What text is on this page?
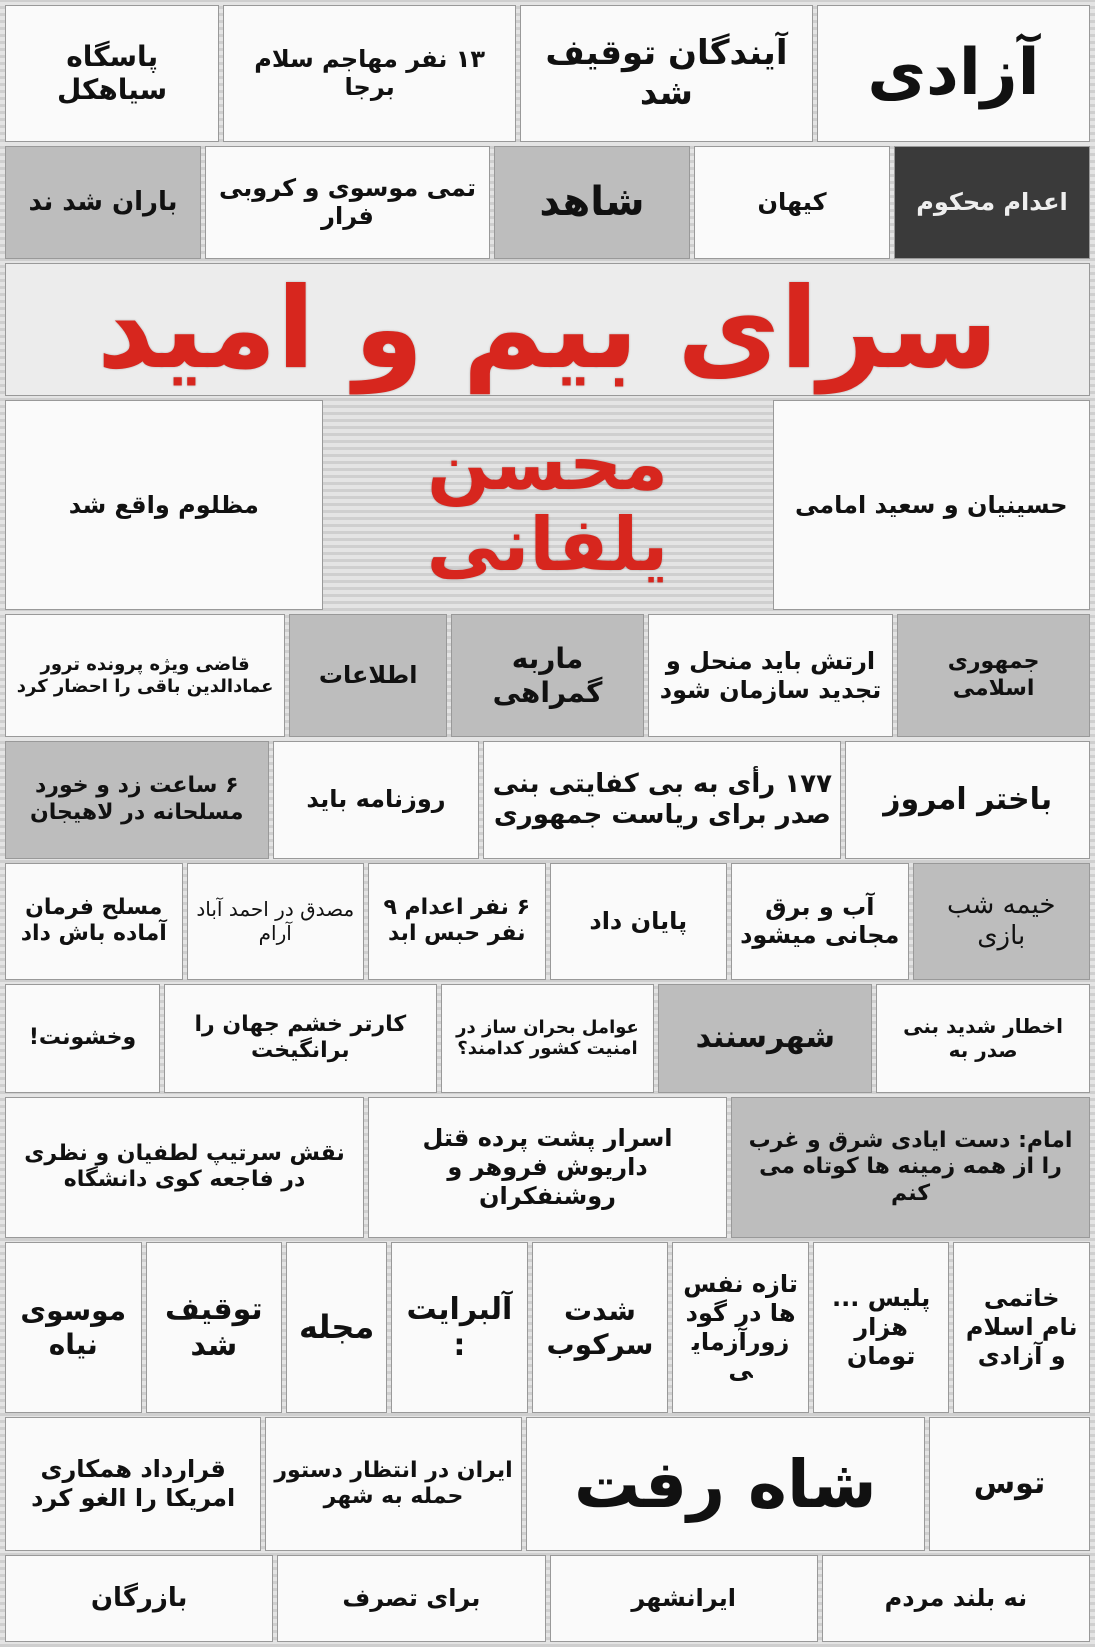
آزادی
آیندگان توقیف شد
۱۳ نفر مهاجم سلام برجا
پاسگاه سیاهکل
اعدام محکوم
کیهان
شاهد
تمی موسوی و کروبی فرار
باران شد ند
سرای بیم و امید
حسینیان و سعید امامی
محسن یلفانی
مظلوم واقع شد
جمهوری اسلامی
ارتش باید منحل و تجدید سازمان شود
ماربه گمراهی
اطلاعات
قاضی ویژه پرونده ترور عمادالدین باقی را احضار کرد
باختر امروز
۱۷۷ رأی به بی کفایتی بنی صدر برای ریاست جمهوری
روزنامه باید
۶ ساعت زد و خورد مسلحانه در لاهیجان
خیمه شب بازی
آب و برق مجانی میشود
پایان داد
۶ نفر اعدام ۹ نفر حبس ابد
مصدق در احمد آباد آرام
مسلح فرمان آماده باش داد
اخطار شدید بنی صدر به
شهرسنند
عوامل بحران ساز در امنیت کشور کدامند؟
کارتر خشم جهان را برانگیخت
وخشونت!
امام: دست ایادی شرق و غرب را از همه زمینه ها کوتاه می کنم
اسرار پشت پرده قتل داریوش فروهر و روشنفکران
نقش سرتیپ لطفیان و نظری در فاجعه کوی دانشگاه
خاتمی نام اسلام و آزادی
پلیس ... هزار تومان
تازه نفس ها در گود زورآزمایی
شدت سرکوب
آلبرایت :
مجله
توقیف شد
موسوی نیاه
توس
شاه رفت
ایران در انتظار دستور حمله به شهر
قرارداد همکاری امریکا را الغو کرد
نه بلند مردم
ایرانشهر
برای تصرف
بازرگان
